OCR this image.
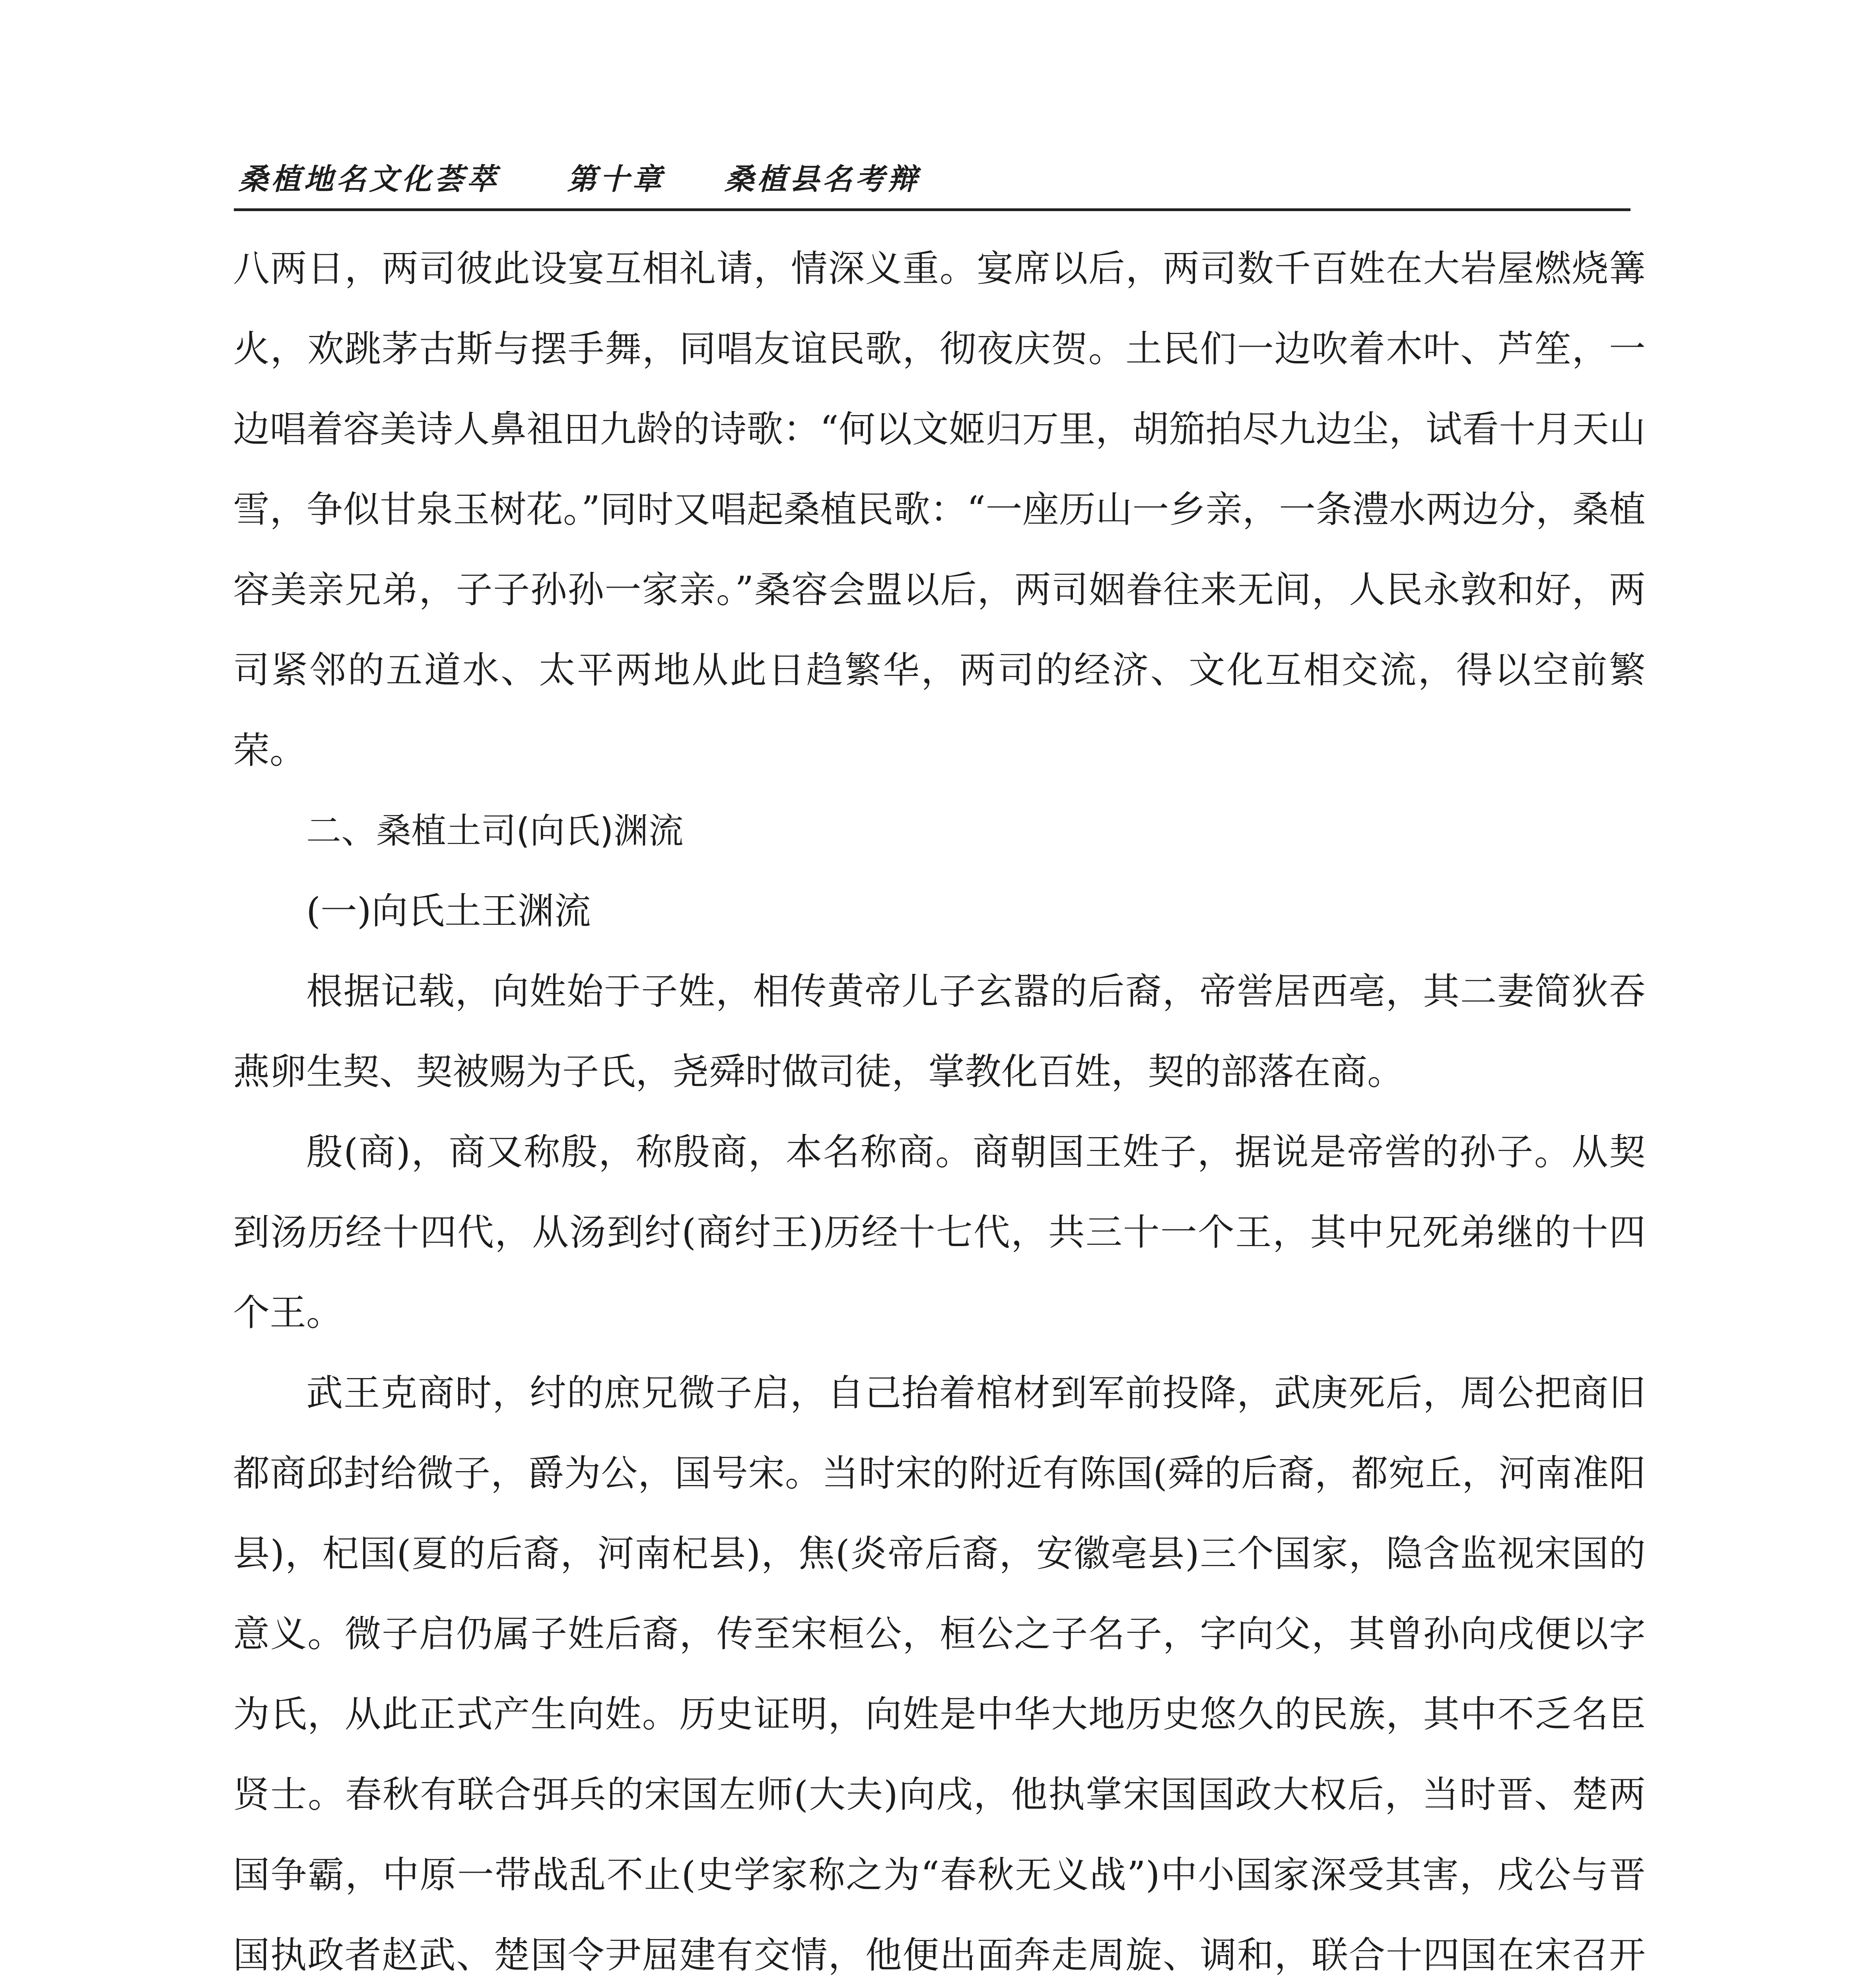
桑植地名文化荟萃 第十章 桑植县名考辩

八两日，两司彼此设宴互相礼请，情深义重。宴席以后，两司数千百姓在大岩屋燃烧篝火，欢跳茅古斯与摆手舞，同唱友谊民歌，彻夜庆贺。土民们一边吹着木叶、芦笙，一边唱着容美诗人鼻祖田九龄的诗歌：“何以文姬归万里，胡笳拍尽九边尘，试看十月天山雪，争似甘泉玉树花。”同时又唱起桑植民歌：“一座历山一乡亲，一条澧水两边分，桑植容美亲兄弟，子子孙孙一家亲。”桑容会盟以后，两司姻眷往来无间，人民永敦和好，两司紧邻的五道水、太平两地从此日趋繁华，两司的经济、文化互相交流，得以空前繁荣。

二、桑植土司(向氏)渊流

(一)向氏土王渊流

根据记载，向姓始于子姓，相传黄帝儿子玄嚣的后裔，帝喾居西亳，其二妻简狄吞燕卵生契、契被赐为子氏，尧舜时做司徒，掌教化百姓，契的部落在商。

殷(商)，商又称殷，称殷商，本名称商。商朝国王姓子，据说是帝喾的孙子。从契到汤历经十四代，从汤到纣(商纣王)历经十七代，共三十一个王，其中兄死弟继的十四个王。

武王克商时，纣的庶兄微子启，自己抬着棺材到军前投降，武庚死后，周公把商旧都商邱封给微子，爵为公，国号宋。当时宋的附近有陈国(舜的后裔，都宛丘，河南准阳县)，杞国(夏的后裔，河南杞县)，焦(炎帝后裔，安徽亳县)三个国家，隐含监视宋国的意义。微子启仍属子姓后裔，传至宋桓公，桓公之子名子，字向父，其曾孙向戌便以字为氏，从此正式产生向姓。历史证明，向姓是中华大地历史悠久的民族，其中不乏名臣贤士。春秋有联合弭兵的宋国左师(大夫)向戌，他执掌宋国国政大权后，当时晋、楚两国争霸，中原一带战乱不止(史学家称之为“春秋无义战”)中小国家深受其害，戌公与晋国执政者赵武、楚国令尹屈建有交情，他便出面奔走周旋、调和，联合十四国在宋召开
